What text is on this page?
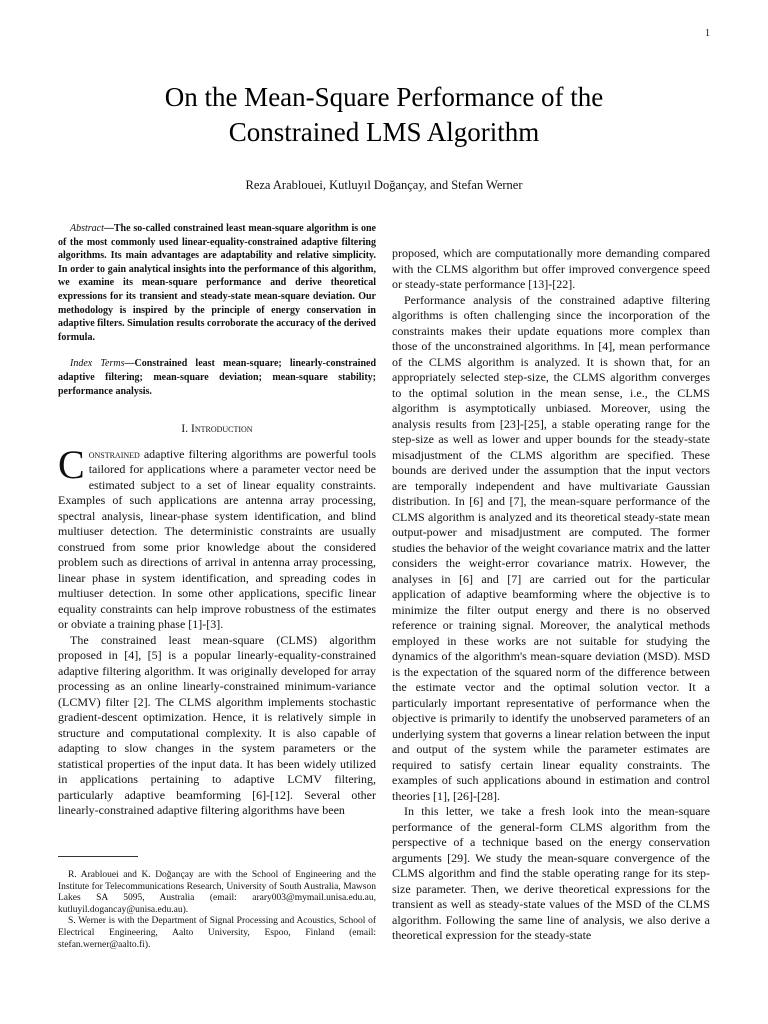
1
On the Mean-Square Performance of the
Constrained LMS Algorithm
Reza Arablouei, Kutluyıl Doğançay, and Stefan Werner

Abstract—The so-called constrained least mean-square algorithm is one of the most commonly used linear-equality-constrained adaptive filtering algorithms. Its main advantages are adaptability and relative simplicity. In order to gain analytical insights into the performance of this algorithm, we examine its mean-square performance and derive theoretical expressions for its transient and steady-state mean-square deviation. Our methodology is inspired by the principle of energy conservation in adaptive filters. Simulation results corroborate the accuracy of the derived formula.

Index Terms—Constrained least mean-square; linearly-constrained adaptive filtering; mean-square deviation; mean-square stability; performance analysis.

I. Introduction

Constrained adaptive filtering algorithms are powerful tools tailored for applications where a parameter vector need be estimated subject to a set of linear equality constraints. Examples of such applications are antenna array processing, spectral analysis, linear-phase system identification, and blind multiuser detection. The deterministic constraints are usually construed from some prior knowledge about the considered problem such as directions of arrival in antenna array processing, linear phase in system identification, and spreading codes in multiuser detection. In some other applications, specific linear equality constraints can help improve robustness of the estimates or obviate a training phase [1]-[3].

The constrained least mean-square (CLMS) algorithm proposed in [4], [5] is a popular linearly-equality-constrained adaptive filtering algorithm. It was originally developed for array processing as an online linearly-constrained minimum-variance (LCMV) filter [2]. The CLMS algorithm implements stochastic gradient-descent optimization. Hence, it is relatively simple in structure and computational complexity. It is also capable of adapting to slow changes in the system parameters or the statistical properties of the input data. It has been widely utilized in applications pertaining to adaptive LCMV filtering, particularly adaptive beamforming [6]-[12]. Several other linearly-constrained adaptive filtering algorithms have been

proposed, which are computationally more demanding compared with the CLMS algorithm but offer improved convergence speed or steady-state performance [13]-[22].

Performance analysis of the constrained adaptive filtering algorithms is often challenging since the incorporation of the constraints makes their update equations more complex than those of the unconstrained algorithms. In [4], mean performance of the CLMS algorithm is analyzed. It is shown that, for an appropriately selected step-size, the CLMS algorithm converges to the optimal solution in the mean sense, i.e., the CLMS algorithm is asymptotically unbiased. Moreover, using the analysis results from [23]-[25], a stable operating range for the step-size as well as lower and upper bounds for the steady-state misadjustment of the CLMS algorithm are specified. These bounds are derived under the assumption that the input vectors are temporally independent and have multivariate Gaussian distribution. In [6] and [7], the mean-square performance of the CLMS algorithm is analyzed and its theoretical steady-state mean output-power and misadjustment are computed. The former studies the behavior of the weight covariance matrix and the latter considers the weight-error covariance matrix. However, the analyses in [6] and [7] are carried out for the particular application of adaptive beamforming where the objective is to minimize the filter output energy and there is no observed reference or training signal. Moreover, the analytical methods employed in these works are not suitable for studying the dynamics of the algorithm's mean-square deviation (MSD). MSD is the expectation of the squared norm of the difference between the estimate vector and the optimal solution vector. It a particularly important representative of performance when the objective is primarily to identify the unobserved parameters of an underlying system that governs a linear relation between the input and output of the system while the parameter estimates are required to satisfy certain linear equality constraints. The examples of such applications abound in estimation and control theories [1], [26]-[28].

In this letter, we take a fresh look into the mean-square performance of the general-form CLMS algorithm from the perspective of a technique based on the energy conservation arguments [29]. We study the mean-square convergence of the CLMS algorithm and find the stable operating range for its step-size parameter. Then, we derive theoretical expressions for the transient as well as steady-state values of the MSD of the CLMS algorithm. Following the same line of analysis, we also derive a theoretical expression for the steady-state

R. Arablouei and K. Doğançay are with the School of Engineering and the Institute for Telecommunications Research, University of South Australia, Mawson Lakes SA 5095, Australia (email: arary003@mymail.unisa.edu.au, kutluyil.dogancay@unisa.edu.au).

S. Werner is with the Department of Signal Processing and Acoustics, School of Electrical Engineering, Aalto University, Espoo, Finland (email: stefan.werner@aalto.fi).
